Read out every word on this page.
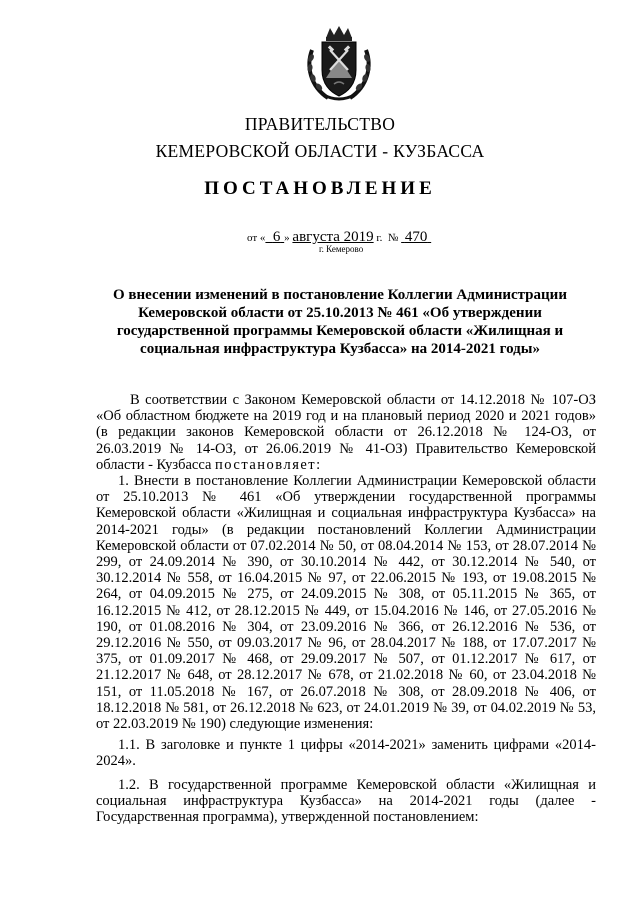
ПРАВИТЕЛЬСТВО
КЕМЕРОВСКОЙ ОБЛАСТИ - КУЗБАССА
ПОСТАНОВЛЕНИЕ
от « 6 » августа 2019 г. № 470
г. Кемерово
О внесении изменений в постановление Коллегии Администрации Кемеровской области от 25.10.2013 № 461 «Об утверждении государственной программы Кемеровской области «Жилищная и социальная инфраструктура Кузбасса» на 2014-2021 годы»

В соответствии с Законом Кемеровской области от 14.12.2018 № 107-ОЗ «Об областном бюджете на 2019 год и на плановый период 2020 и 2021 годов» (в редакции законов Кемеровской области от 26.12.2018 № 124-ОЗ, от 26.03.2019 № 14-ОЗ, от 26.06.2019 № 41-ОЗ) Правительство Кемеровской области - Кузбасса постановляет:

1. Внести в постановление Коллегии Администрации Кемеровской области от 25.10.2013 № 461 «Об утверждении государственной программы Кемеровской области «Жилищная и социальная инфраструктура Кузбасса» на 2014-2021 годы» (в редакции постановлений Коллегии Администрации Кемеровской области от 07.02.2014 № 50, от 08.04.2014 № 153, от 28.07.2014 № 299, от 24.09.2014 № 390, от 30.10.2014 № 442, от 30.12.2014 № 540, от 30.12.2014 № 558, от 16.04.2015 № 97, от 22.06.2015 № 193, от 19.08.2015 № 264, от 04.09.2015 № 275, от 24.09.2015 № 308, от 05.11.2015 № 365, от 16.12.2015 № 412, от 28.12.2015 № 449, от 15.04.2016 № 146, от 27.05.2016 № 190, от 01.08.2016 № 304, от 23.09.2016 № 366, от 26.12.2016 № 536, от 29.12.2016 № 550, от 09.03.2017 № 96, от 28.04.2017 № 188, от 17.07.2017 № 375, от 01.09.2017 № 468, от 29.09.2017 № 507, от 01.12.2017 № 617, от 21.12.2017 № 648, от 28.12.2017 № 678, от 21.02.2018 № 60, от 23.04.2018 № 151, от 11.05.2018 № 167, от 26.07.2018 № 308, от 28.09.2018 № 406, от 18.12.2018 № 581, от 26.12.2018 № 623, от 24.01.2019 № 39, от 04.02.2019 № 53, от 22.03.2019 № 190) следующие изменения:

1.1. В заголовке и пункте 1 цифры «2014-2021» заменить цифрами «2014-2024».

1.2. В государственной программе Кемеровской области «Жилищная и социальная инфраструктура Кузбасса» на 2014-2021 годы (далее - Государственная программа), утвержденной постановлением:
